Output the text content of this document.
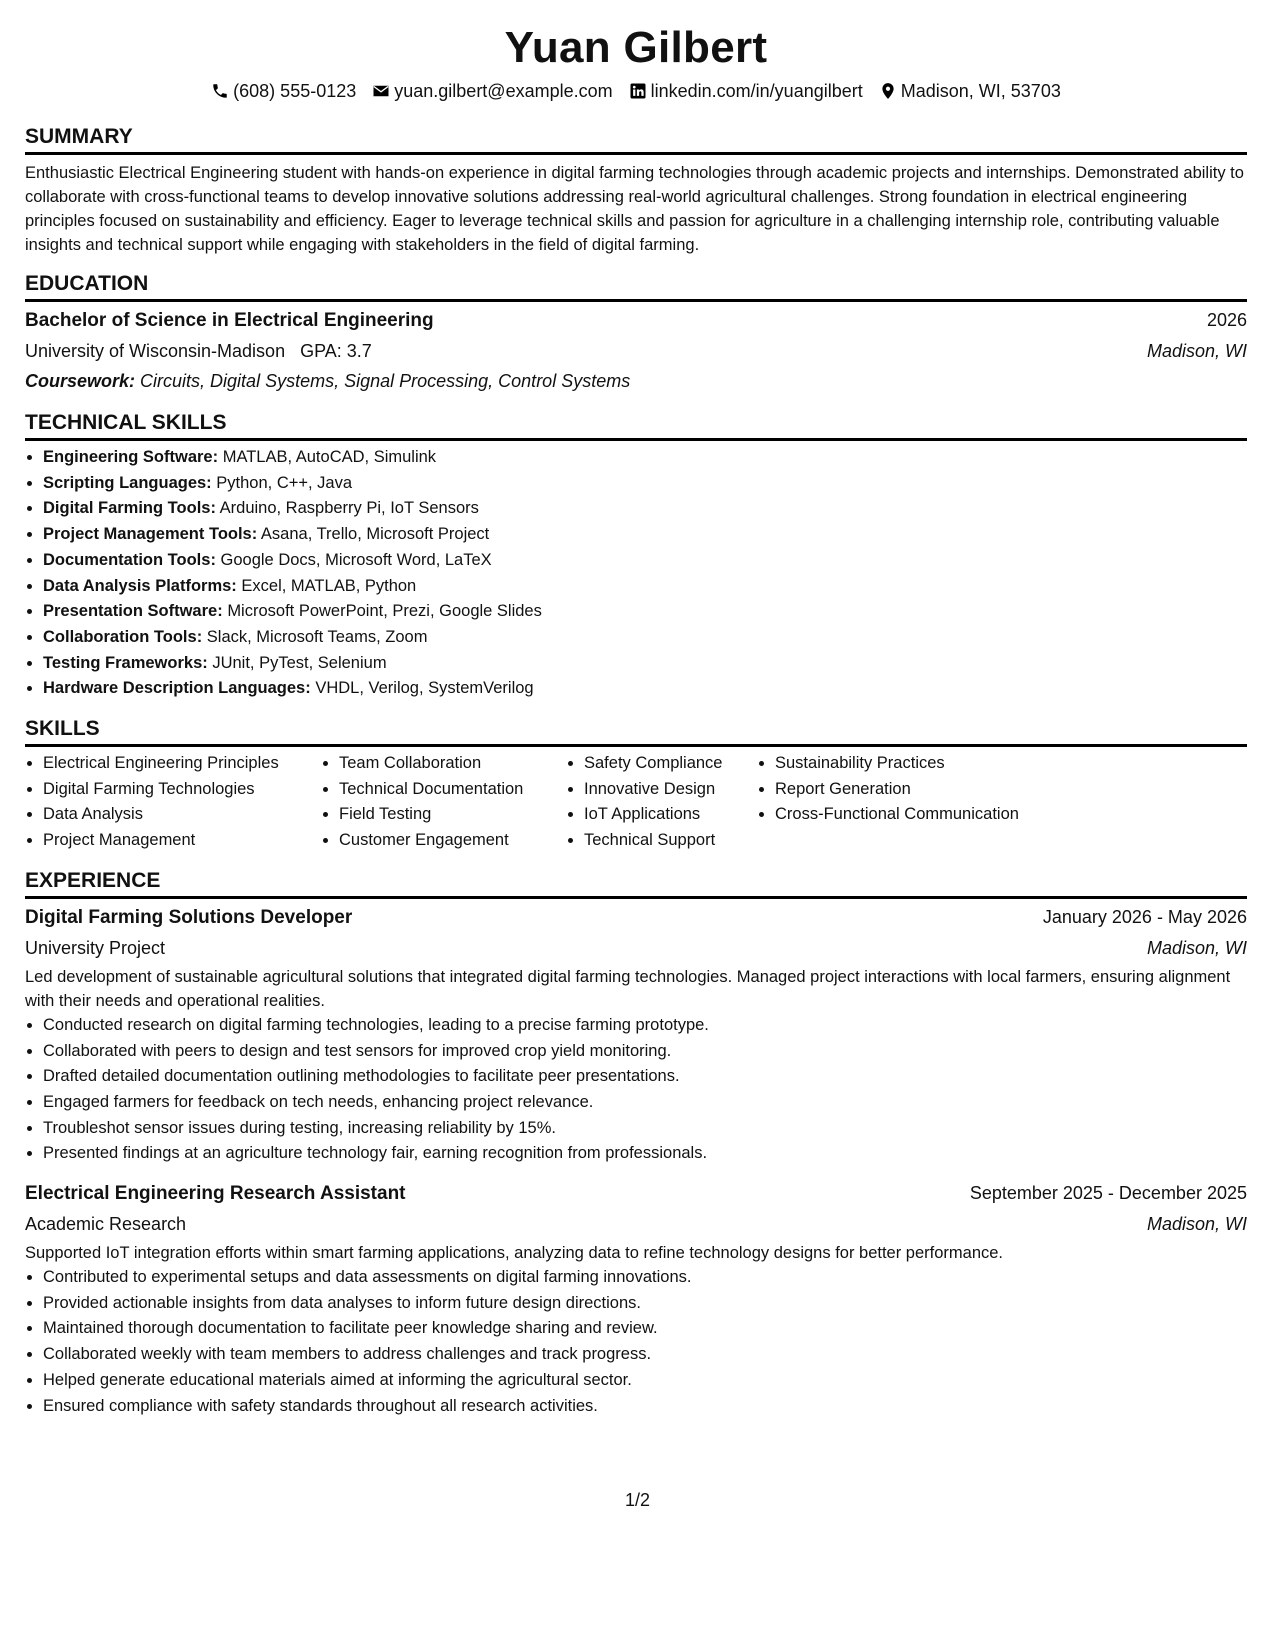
Yuan Gilbert
(608) 555-0123 yuan.gilbert@example.com linkedin.com/in/yuangilbert Madison, WI, 53703
SUMMARY
Enthusiastic Electrical Engineering student with hands-on experience in digital farming technologies through academic projects and internships. Demonstrated ability to collaborate with cross-functional teams to develop innovative solutions addressing real-world agricultural challenges. Strong foundation in electrical engineering principles focused on sustainability and efficiency. Eager to leverage technical skills and passion for agriculture in a challenging internship role, contributing valuable insights and technical support while engaging with stakeholders in the field of digital farming.
EDUCATION
Bachelor of Science in Electrical Engineering	2026
University of Wisconsin-Madison GPA: 3.7	Madison, WI
Coursework: Circuits, Digital Systems, Signal Processing, Control Systems
TECHNICAL SKILLS
• Engineering Software: MATLAB, AutoCAD, Simulink
• Scripting Languages: Python, C++, Java
• Digital Farming Tools: Arduino, Raspberry Pi, IoT Sensors
• Project Management Tools: Asana, Trello, Microsoft Project
• Documentation Tools: Google Docs, Microsoft Word, LaTeX
• Data Analysis Platforms: Excel, MATLAB, Python
• Presentation Software: Microsoft PowerPoint, Prezi, Google Slides
• Collaboration Tools: Slack, Microsoft Teams, Zoom
• Testing Frameworks: JUnit, PyTest, Selenium
• Hardware Description Languages: VHDL, Verilog, SystemVerilog
SKILLS
• Electrical Engineering Principles
• Digital Farming Technologies
• Data Analysis
• Project Management
• Team Collaboration
• Technical Documentation
• Field Testing
• Customer Engagement
• Safety Compliance
• Innovative Design
• IoT Applications
• Technical Support
• Sustainability Practices
• Report Generation
• Cross-Functional Communication
EXPERIENCE
Digital Farming Solutions Developer	January 2026 - May 2026
University Project	Madison, WI
Led development of sustainable agricultural solutions that integrated digital farming technologies. Managed project interactions with local farmers, ensuring alignment with their needs and operational realities.
• Conducted research on digital farming technologies, leading to a precise farming prototype.
• Collaborated with peers to design and test sensors for improved crop yield monitoring.
• Drafted detailed documentation outlining methodologies to facilitate peer presentations.
• Engaged farmers for feedback on tech needs, enhancing project relevance.
• Troubleshot sensor issues during testing, increasing reliability by 15%.
• Presented findings at an agriculture technology fair, earning recognition from professionals.
Electrical Engineering Research Assistant	September 2025 - December 2025
Academic Research	Madison, WI
Supported IoT integration efforts within smart farming applications, analyzing data to refine technology designs for better performance.
• Contributed to experimental setups and data assessments on digital farming innovations.
• Provided actionable insights from data analyses to inform future design directions.
• Maintained thorough documentation to facilitate peer knowledge sharing and review.
• Collaborated weekly with team members to address challenges and track progress.
• Helped generate educational materials aimed at informing the agricultural sector.
• Ensured compliance with safety standards throughout all research activities.
1/2
